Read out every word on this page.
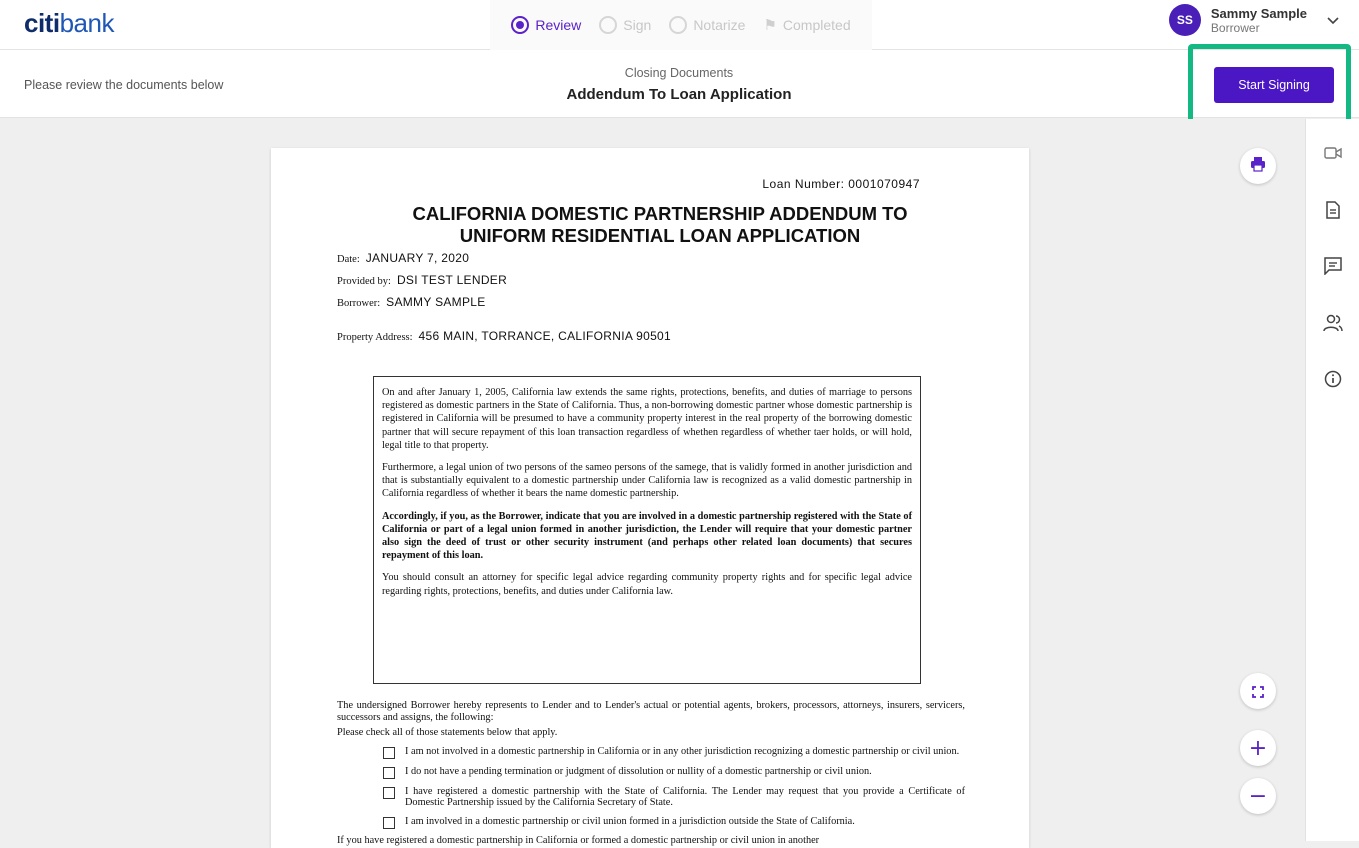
citibank	Review	Sign	Notarize ⚑ Completed	SS	Sammy Sample
Borrower
Please review the documents below
Closing Documents
Addendum To Loan Application
Start Signing
Loan Number: 0001070947
CALIFORNIA DOMESTIC PARTNERSHIP ADDENDUM TO
UNIFORM RESIDENTIAL LOAN APPLICATION
Date: JANUARY 7, 2020
Provided by: DSI TEST LENDER
Borrower: SAMMY SAMPLE
Property Address: 456 MAIN, TORRANCE, CALIFORNIA 90501

On and after January 1, 2005, California law extends the same rights, protections, benefits, and duties of marriage to persons registered as domestic partners in the State of California. Thus, a non-borrowing domestic partner whose domestic partnership is registered in California will be presumed to have a community property interest in the real property of the borrowing domestic partner that will secure repayment of this loan transaction regardless of whethen regardless of whether taer holds, or will hold, legal title to that property.

Furthermore, a legal union of two persons of the sameo persons of the samege, that is validly formed in another jurisdiction and that is substantially equivalent to a domestic partnership under California law is recognized as a valid domestic partnership in California regardless of whether it bears the name domestic partnership.

Accordingly, if you, as the Borrower, indicate that you are involved in a domestic partnership registered with the State of California or part of a legal union formed in another jurisdiction, the Lender will require that your domestic partner also sign the deed of trust or other security instrument (and perhaps other related loan documents) that secures repayment of this loan.

You should consult an attorney for specific legal advice regarding community property rights and for specific legal advice regarding rights, protections, benefits, and duties under California law.

The undersigned Borrower hereby represents to Lender and to Lender's actual or potential agents, brokers, processors, attorneys, insurers, servicers, successors and assigns, the following:
Please check all of those statements below that apply.
I am not involved in a domestic partnership in California or in any other jurisdiction recognizing a domestic partnership or civil union.
I do not have a pending termination or judgment of dissolution or nullity of a domestic partnership or civil union.
I have registered a domestic partnership with the State of California. The Lender may request that you provide a Certificate of Domestic Partnership issued by the California Secretary of State.
I am involved in a domestic partnership or civil union formed in a jurisdiction outside the State of California.
If you have registered a domestic partnership in California or formed a domestic partnership or civil union in another
+
−
